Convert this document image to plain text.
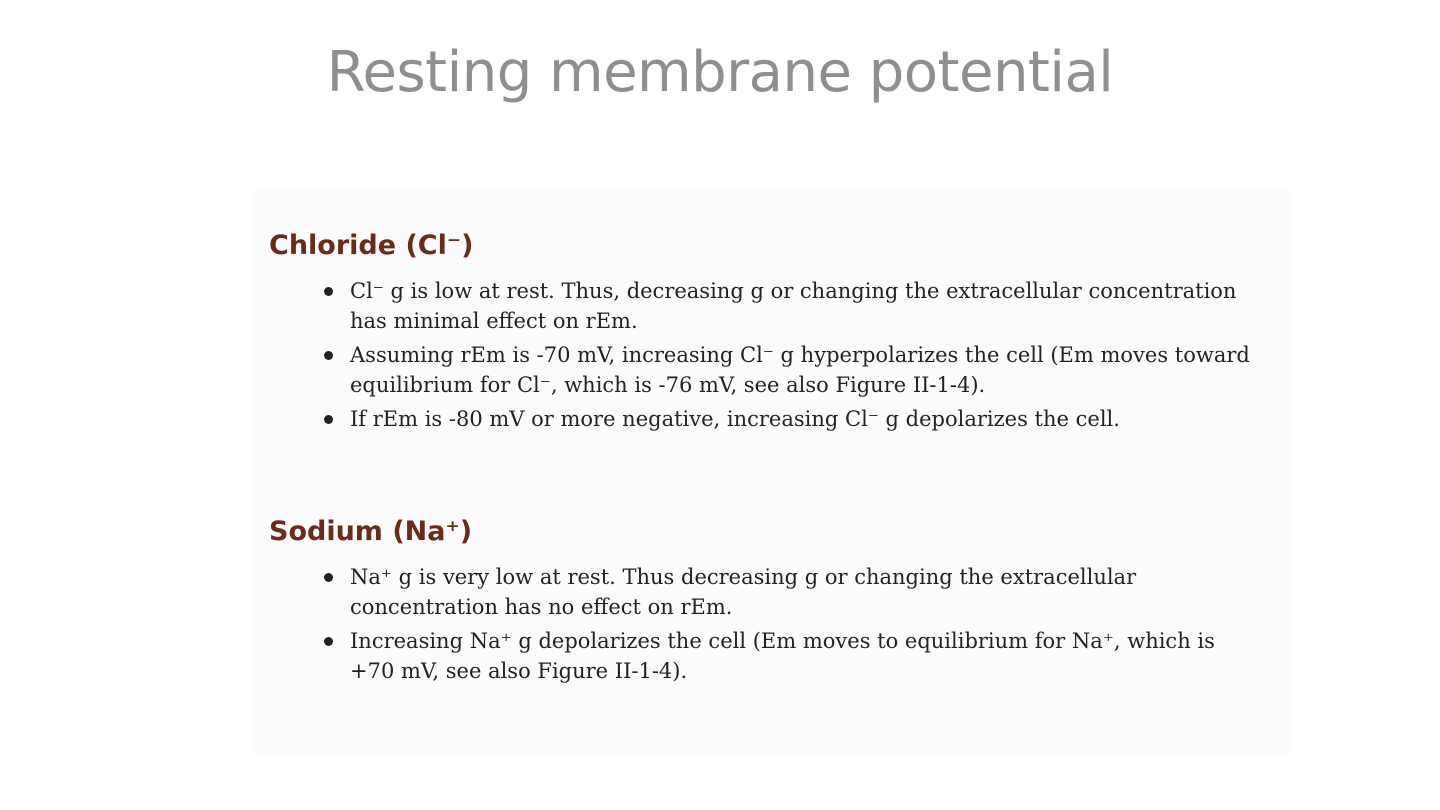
Resting membrane potential
Chloride (Cl⁻)
Cl⁻ g is low at rest. Thus, decreasing g or changing the extracellular concentration has minimal effect on rEm.
Assuming rEm is -70 mV, increasing Cl⁻ g hyperpolarizes the cell (Em moves toward equilibrium for Cl⁻, which is -76 mV, see also Figure II-1-4).
If rEm is -80 mV or more negative, increasing Cl⁻ g depolarizes the cell.
Sodium (Na⁺)
Na⁺ g is very low at rest. Thus decreasing g or changing the extracellular concentration has no effect on rEm.
Increasing Na⁺ g depolarizes the cell (Em moves to equilibrium for Na⁺, which is +70 mV, see also Figure II-1-4).
